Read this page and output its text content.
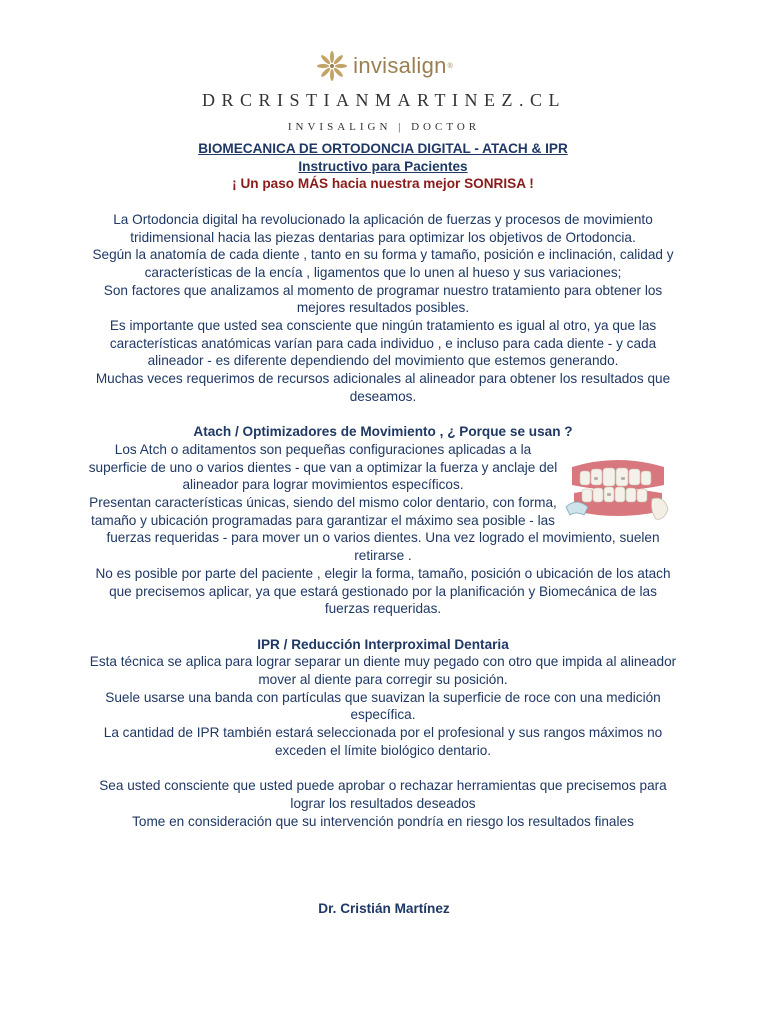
invisalign ®
DRCRISTIANMARTINEZ.CL
INVISALIGN | DOCTOR

BIOMECANICA DE ORTODONCIA DIGITAL - ATACH & IPR

Instructivo para Pacientes

¡ Un paso MÁS hacia nuestra mejor SONRISA !

La Ortodoncia digital ha revolucionado la aplicación de fuerzas y procesos de movimiento tridimensional hacia las piezas dentarias para optimizar los objetivos de Ortodoncia.

Según la anatomía de cada diente , tanto en su forma y tamaño, posición e inclinación, calidad y características de la encía , ligamentos que lo unen al hueso y sus variaciones;

Son factores que analizamos al momento de programar nuestro tratamiento para obtener los mejores resultados posibles.

Es importante que usted sea consciente que ningún tratamiento es igual al otro, ya que las características anatómicas varían para cada individuo , e incluso para cada diente - y cada alineador - es diferente dependiendo del movimiento que estemos generando.

Muchas veces requerimos de recursos adicionales al alineador para obtener los resultados que deseamos.

Atach / Optimizadores de Movimiento , ¿ Porque se usan ?

Los Atch o aditamentos son pequeñas configuraciones aplicadas a la superficie de uno o varios dientes - que van a optimizar la fuerza y anclaje del alineador para lograr movimientos específicos.

Presentan características únicas, siendo del mismo color dentario, con forma, tamaño y ubicación programadas para garantizar el máximo sea posible - las fuerzas requeridas - para mover un o varios dientes. Una vez logrado el movimiento, suelen retirarse .

No es posible por parte del paciente , elegir la forma, tamaño, posición o ubicación de los atach que precisemos aplicar, ya que estará gestionado por la planificación y Biomecánica de las fuerzas requeridas.

IPR / Reducción Interproximal Dentaria

Esta técnica se aplica para lograr separar un diente muy pegado con otro que impida al alineador mover al diente para corregir su posición.

Suele usarse una banda con partículas que suavizan la superficie de roce con una medición específica.

La cantidad de IPR también estará seleccionada por el profesional y sus rangos máximos no exceden el límite biológico dentario.

Sea usted consciente que usted puede aprobar o rechazar herramientas que precisemos para lograr los resultados deseados

Tome en consideración que su intervención pondría en riesgo los resultados finales

Dr. Cristián Martínez
